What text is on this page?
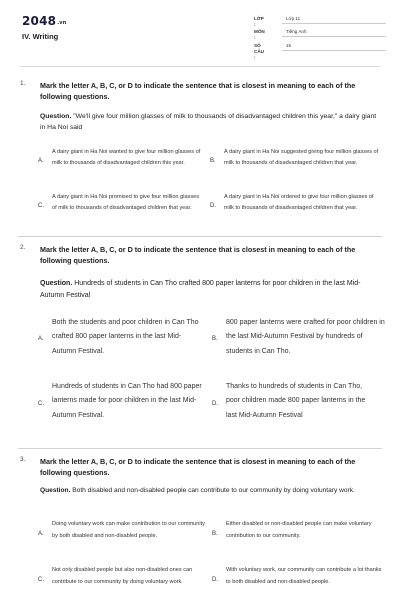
2048.vn
IV. Writing
LỚP :
Lớp 11
MÔN :
Tiếng Anh
SỐ CÂU :
15
1. Mark the letter A, B, C, or D to indicate the sentence that is closest in meaning to each of the following questions.
Question. "We'll give four million glasses of milk to thousands of disadvantaged children this year," a dairy giant in Ha Noi said
A.
A dairy giant in Ha Noi wanted to give four million glasses of milk to thousands of disadvantaged children this year.	B.
A dairy giant in Ha Noi suggested giving four million glasses of milk to thousands of disadvantaged children that year.
C.
A dairy giant in Ha Noi promised to give four million glasses of milk to thousands of disadvantaged children that year.	D.
A dairy giant in Ha Noi ordered to give four million glasses of milk to thousands of disadvantaged children that year.
2. Mark the letter A, B, C, or D to indicate the sentence that is closest in meaning to each of the following questions.
Question. Hundreds of students in Can Tho crafted 800 paper lanterns for poor children in the last Mid-Autumn Festival
A.
Both the students and poor children in Can Tho crafted 800 paper lanterns in the last Mid-Autumn Festival.
B.
800 paper lanterns were crafted for poor children in the last Mid-Autumn Festival by hundreds of students in Can Tho.
C.
Hundreds of students in Can Tho had 800 paper lanterns made for poor children in the last Mid-Autumn Festival.
D.
Thanks to hundreds of students in Can Tho, poor children made 800 paper lanterns in the last Mid-Autumn Festival
3. Mark the letter A, B, C, or D to indicate the sentence that is closest in meaning to each of the following questions.
Question. Both disabled and non-disabled people can contribute to our community by doing voluntary work.
A.
Doing voluntary work can make contribution to our community by both disabled and non-disabled people.	B.
Either disabled or non-disabled people can make voluntary contribution to our community.
C.
Not only disabled people but also non-disabled ones can contribute to our community by doing voluntary work.	D.
With voluntary work, our community can contribute a lot thanks to both disabled and non-disabled people.
